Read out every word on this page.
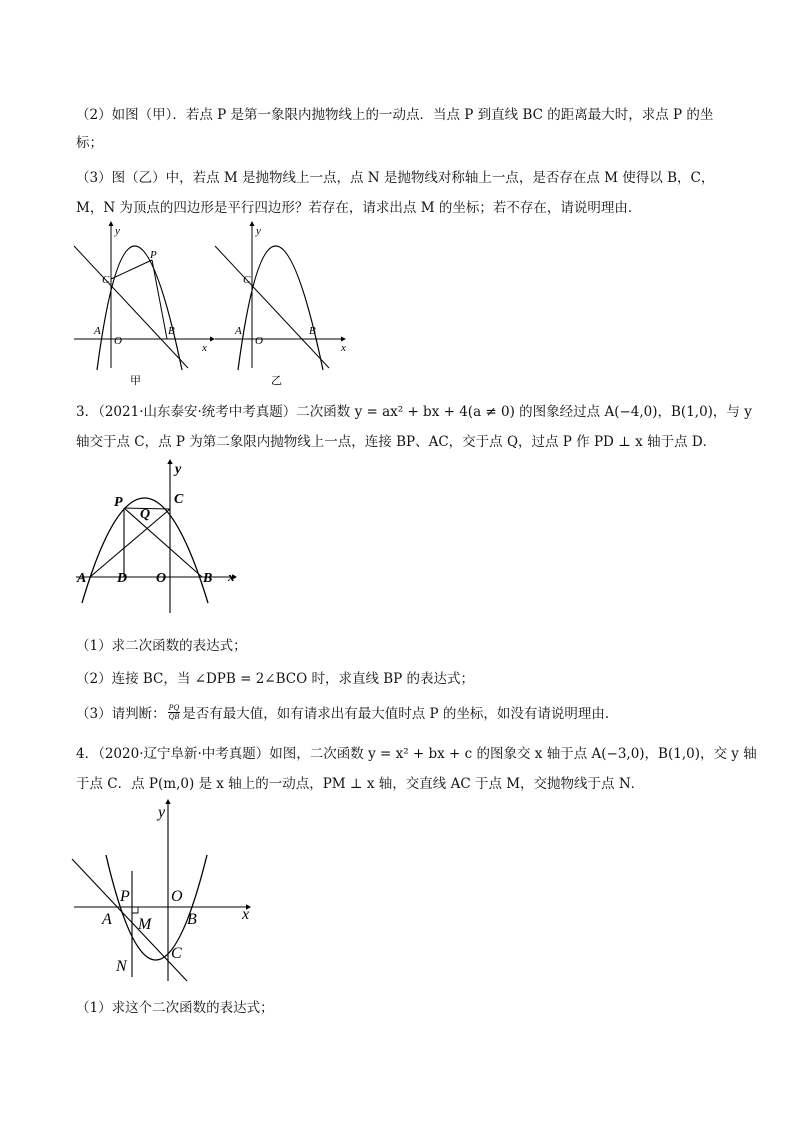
（2）如图（甲）．若点 P 是第一象限内抛物线上的一动点．当点 P 到直线 BC 的距离最大时，求点 P 的坐
标；
（3）图（乙）中，若点 M 是抛物线上一点，点 N 是抛物线对称轴上一点，是否存在点 M 使得以 B，C，
M，N 为顶点的四边形是平行四边形？若存在，请求出点 M 的坐标；若不存在，请说明理由．
y
x
P
C
A
O
B
甲
y
x
C
A
O
B
乙
3．（2021·山东泰安·统考中考真题）二次函数 y = ax² + bx + 4(a ≠ 0) 的图象经过点 A(−4,0)，B(1,0)，与 y
轴交于点 C，点 P 为第二象限内抛物线上一点，连接 BP、AC，交于点 Q，过点 P 作 PD ⊥ x 轴于点 D．
y
x
P
Q
C
A D O	B
（1）求二次函数的表达式；
（2）连接 BC，当 ∠DPB = 2∠BCO 时，求直线 BP 的表达式；
（3）请判断： $\frac{PQ}{QB}$ 是否有最大值，如有请求出有最大值时点 P 的坐标，如没有请说明理由．
4．（2020·辽宁阜新·中考真题）如图，二次函数 y = x² + bx + c 的图象交 x 轴于点 A(−3,0)，B(1,0)，交 y 轴
于点 C．点 P(m,0) 是 x 轴上的一动点，PM ⊥ x 轴，交直线 AC 于点 M，交抛物线于点 N．
y
x
P	O
A M B
N
C
（1）求这个二次函数的表达式；
